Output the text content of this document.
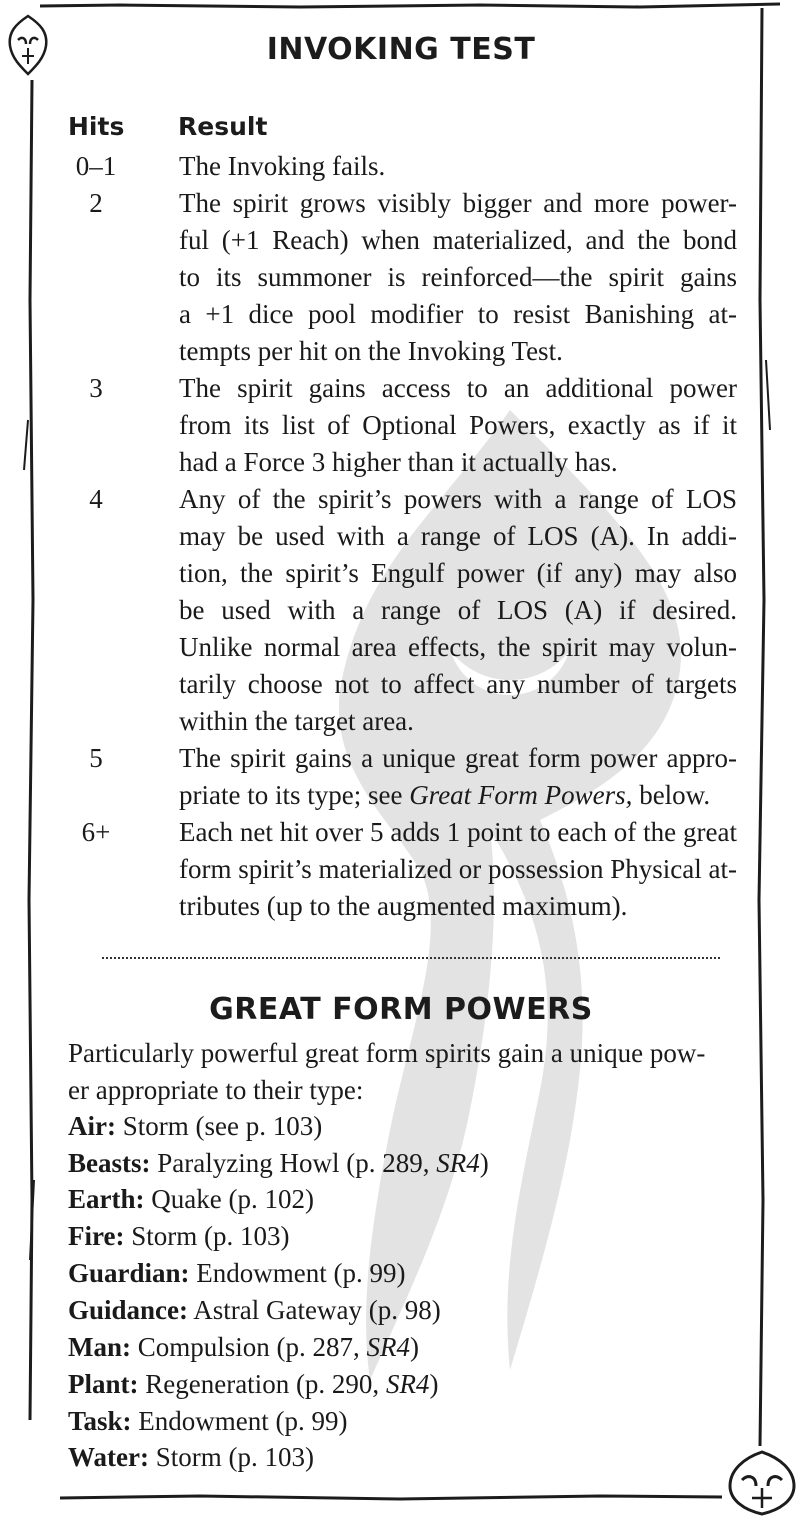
INVOKING TEST
Hits Result
0–1 The Invoking fails.
2	The spirit grows visibly bigger and more power-
ful (+1 Reach) when materialized, and the bond
to its summoner is reinforced—the spirit gains
a +1 dice pool modifier to resist Banishing at-
tempts per hit on the Invoking Test.
3	The spirit gains access to an additional power
from its list of Optional Powers, exactly as if it
had a Force 3 higher than it actually has.
4	Any of the spirit’s powers with a range of LOS
may be used with a range of LOS (A). In addi-
tion, the spirit’s Engulf power (if any) may also
be used with a range of LOS (A) if desired.
Unlike normal area effects, the spirit may volun-
tarily choose not to affect any number of targets
within the target area.
5	The spirit gains a unique great form power appro-
priate to its type; see Great Form Powers, below.
6+	Each net hit over 5 adds 1 point to each of the great
form spirit’s materialized or possession Physical at-
tributes (up to the augmented maximum).
GREAT FORM POWERS
Particularly powerful great form spirits gain a unique pow-
er appropriate to their type:
Air: Storm (see p. 103)
Beasts: Paralyzing Howl (p. 289, SR4)
Earth: Quake (p. 102)
Fire: Storm (p. 103)
Guardian: Endowment (p. 99)
Guidance: Astral Gateway (p. 98)
Man: Compulsion (p. 287, SR4)
Plant: Regeneration (p. 290, SR4)
Task: Endowment (p. 99)
Water: Storm (p. 103)
